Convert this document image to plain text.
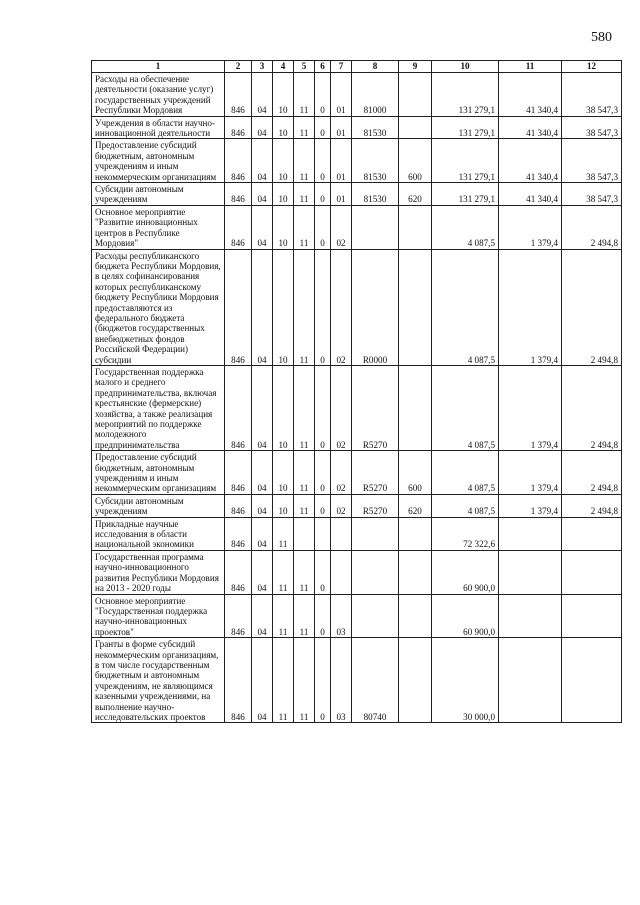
580
1	2	3	4	5	6	7	8	9	10	11	12
Расходы на обеспечение деятельности (оказание услуг) государственных учреждений Республики Мордовия	846	04	10	11	0	01	81000		131 279,1	41 340,4	38 547,3
Учреждения в области научно-инновационной деятельности	846	04	10	11	0	01	81530		131 279,1	41 340,4	38 547,3
Предоставление субсидий бюджетным, автономным учреждениям и иным некоммерческим организациям	846	04	10	11	0	01	81530	600	131 279,1	41 340,4	38 547,3
Субсидии автономным учреждениям	846	04	10	11	0	01	81530	620	131 279,1	41 340,4	38 547,3
Основное мероприятие "Развитие инновационных центров в Республике Мордовия"	846	04	10	11	0	02			4 087,5	1 379,4	2 494,8
Расходы республиканского бюджета Республики Мордовия, в целях софинансирования которых республиканскому бюджету Республики Мордовия предоставляются из федерального бюджета (бюджетов государственных внебюджетных фондов Российской Федерации) субсидии	846	04	10	11	0	02	R0000		4 087,5	1 379,4	2 494,8
Государственная поддержка малого и среднего предпринимательства, включая крестьянские (фермерские) хозяйства, а также реализация мероприятий по поддержке молодежного предпринимательства	846	04	10	11	0	02	R5270		4 087,5	1 379,4	2 494,8
Предоставление субсидий бюджетным, автономным учреждениям и иным некоммерческим организациям	846	04	10	11	0	02	R5270	600	4 087,5	1 379,4	2 494,8
Субсидии автономным учреждениям	846	04	10	11	0	02	R5270	620	4 087,5	1 379,4	2 494,8
Прикладные научные исследования в области национальной экономики	846	04	11						72 322,6		
Государственная программа научно-инновационного развития Республики Мордовия на 2013 - 2020 годы	846	04	11	11	0				60 900,0		
Основное мероприятие "Государственная поддержка научно-инновационных проектов"	846	04	11	11	0	03			60 900,0		
Гранты в форме субсидий некоммерческим организациям, в том числе государственным бюджетным и автономным учреждениям, не являющимся казенными учреждениями, на выполнение научно-исследовательских проектов	846	04	11	11	0	03	80740		30 000,0		
